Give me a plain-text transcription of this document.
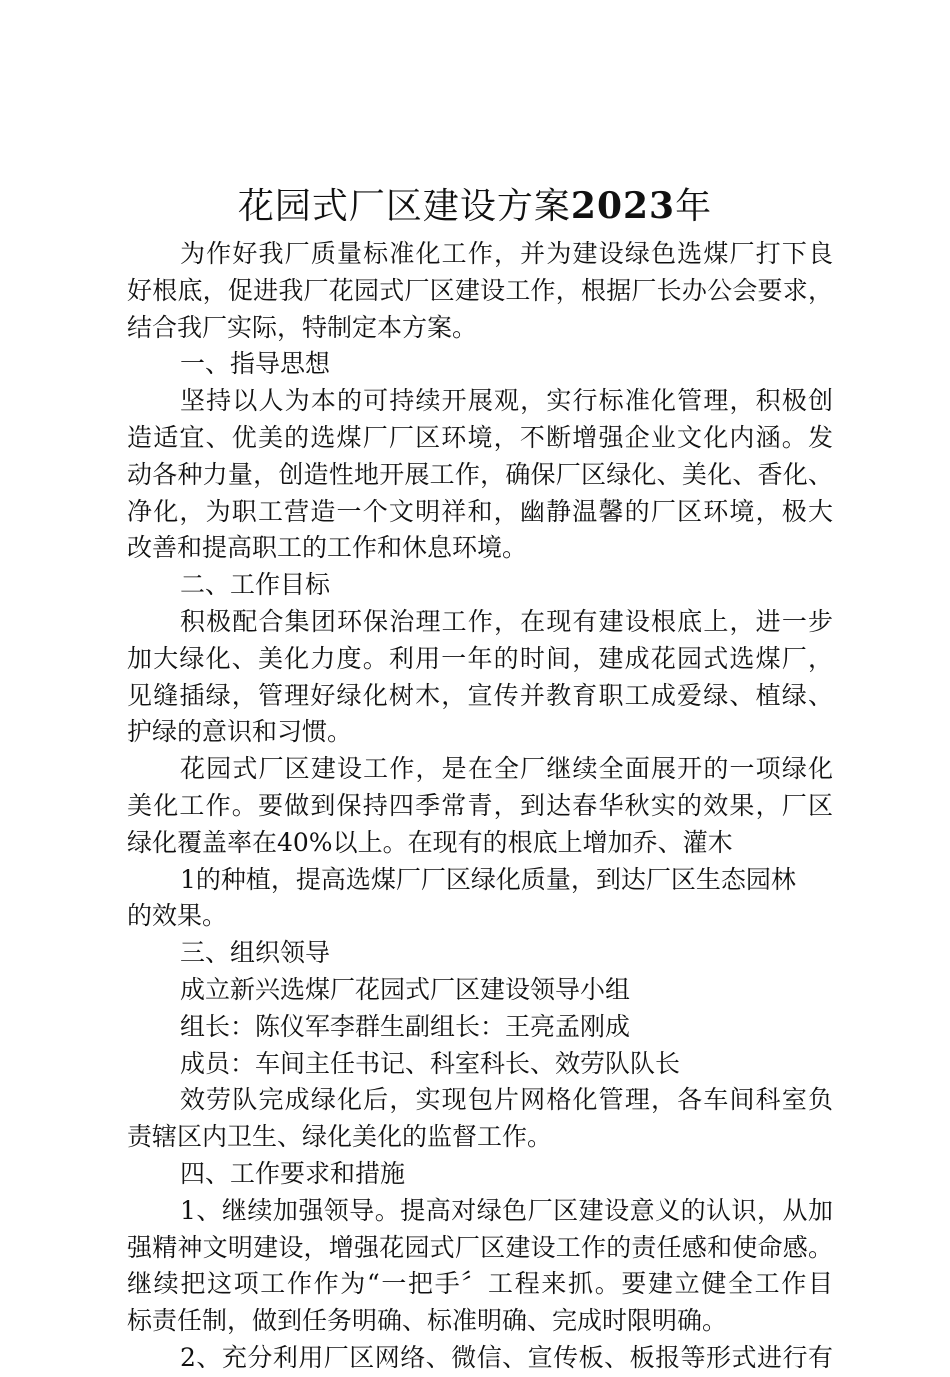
花园式厂区建设方案2023年
为作好我厂质量标准化工作，并为建设绿色选煤厂打下良
好根底，促进我厂花园式厂区建设工作，根据厂长办公会要求，
结合我厂实际，特制定本方案。
一、指导思想
坚持以人为本的可持续开展观，实行标准化管理，积极创
造适宜、优美的选煤厂厂区环境，不断增强企业文化内涵。发
动各种力量，创造性地开展工作，确保厂区绿化、美化、香化、
净化，为职工营造一个文明祥和，幽静温馨的厂区环境，极大
改善和提高职工的工作和休息环境。
二、工作目标
积极配合集团环保治理工作，在现有建设根底上，进一步
加大绿化、美化力度。利用一年的时间，建成花园式选煤厂，
见缝插绿，管理好绿化树木，宣传并教育职工成爱绿、植绿、
护绿的意识和习惯。
花园式厂区建设工作，是在全厂继续全面展开的一项绿化
美化工作。要做到保持四季常青，到达春华秋实的效果，厂区
绿化覆盖率在40%以上。在现有的根底上增加乔、灌木
1的种植，提高选煤厂厂区绿化质量，到达厂区生态园林
的效果。
三、组织领导
成立新兴选煤厂花园式厂区建设领导小组
组长：陈仪军李群生副组长：王亮孟刚成
成员：车间主任书记、科室科长、效劳队队长
效劳队完成绿化后，实现包片网格化管理，各车间科室负
责辖区内卫生、绿化美化的监督工作。
四、工作要求和措施
1、继续加强领导。提高对绿色厂区建设意义的认识，从加
强精神文明建设，增强花园式厂区建设工作的责任感和使命感。
继续把这项工作作为“一把手〞工程来抓。要建立健全工作目
标责任制，做到任务明确、标准明确、完成时限明确。
2、充分利用厂区网络、微信、宣传板、板报等形式进行有
